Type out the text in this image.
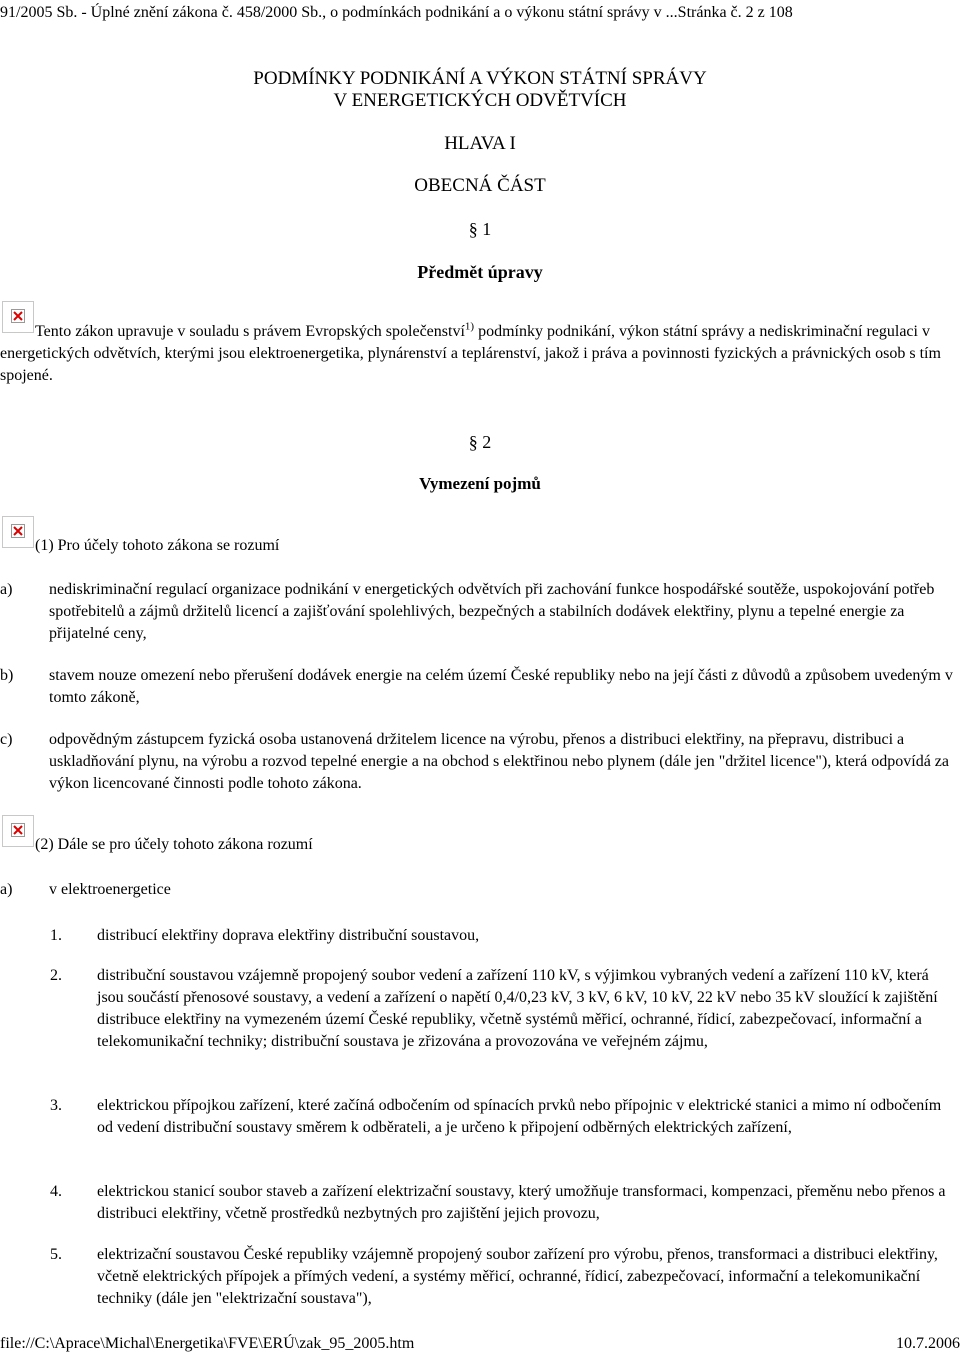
91/2005 Sb. - Úplné znění zákona č. 458/2000 Sb., o podmínkách podnikání a o výkonu státní správy v ...Stránka č. 2 z 108
PODMÍNKY PODNIKÁNÍ A VÝKON STÁTNÍ SPRÁVY
V ENERGETICKÝCH ODVĚTVÍCH
HLAVA I
OBECNÁ ČÁST
§ 1
Předmět úpravy
Tento zákon upravuje v souladu s právem Evropských společenství$^{1)}$ podmínky podnikání, výkon státní správy a nediskriminační regulaci v energetických odvětvích, kterými jsou elektroenergetika, plynárenství a teplárenství, jakož i práva a povinnosti fyzických a právnických osob s tím spojené.
§ 2
Vymezení pojmů
(1) Pro účely tohoto zákona se rozumí
a) nediskriminační regulací organizace podnikání v energetických odvětvích při zachování funkce hospodářské soutěže, uspokojování potřeb spotřebitelů a zájmů držitelů licencí a zajišťování spolehlivých, bezpečných a stabilních dodávek elektřiny, plynu a tepelné energie za přijatelné ceny,
b) stavem nouze omezení nebo přerušení dodávek energie na celém území České republiky nebo na její části z důvodů a způsobem uvedeným v tomto zákoně,
c) odpovědným zástupcem fyzická osoba ustanovená držitelem licence na výrobu, přenos a distribuci elektřiny, na přepravu, distribuci a uskladňování plynu, na výrobu a rozvod tepelné energie a na obchod s elektřinou nebo plynem (dále jen "držitel licence"), která odpovídá za výkon licencované činnosti podle tohoto zákona.
(2) Dále se pro účely tohoto zákona rozumí
a) v elektroenergetice
1. distribucí elektřiny doprava elektřiny distribuční soustavou,
2. distribuční soustavou vzájemně propojený soubor vedení a zařízení 110 kV, s výjimkou vybraných vedení a zařízení 110 kV, která jsou součástí přenosové soustavy, a vedení a zařízení o napětí 0,4/0,23 kV, 3 kV, 6 kV, 10 kV, 22 kV nebo 35 kV sloužící k zajištění distribuce elektřiny na vymezeném území České republiky, včetně systémů měřicí, ochranné, řídicí, zabezpečovací, informační a telekomunikační techniky; distribuční soustava je zřizována a provozována ve veřejném zájmu,
3. elektrickou přípojkou zařízení, které začíná odbočením od spínacích prvků nebo přípojnic v elektrické stanici a mimo ní odbočením od vedení distribuční soustavy směrem k odběrateli, a je určeno k připojení odběrných elektrických zařízení,
4. elektrickou stanicí soubor staveb a zařízení elektrizační soustavy, který umožňuje transformaci, kompenzaci, přeměnu nebo přenos a distribuci elektřiny, včetně prostředků nezbytných pro zajištění jejich provozu,
5. elektrizační soustavou České republiky vzájemně propojený soubor zařízení pro výrobu, přenos, transformaci a distribuci elektřiny, včetně elektrických přípojek a přímých vedení, a systémy měřicí, ochranné, řídicí, zabezpečovací, informační a telekomunikační techniky (dále jen "elektrizační soustava"),
file://C:\Aprace\Michal\Energetika\FVE\ERÚ\zak_95_2005.htm	10.7.2006
